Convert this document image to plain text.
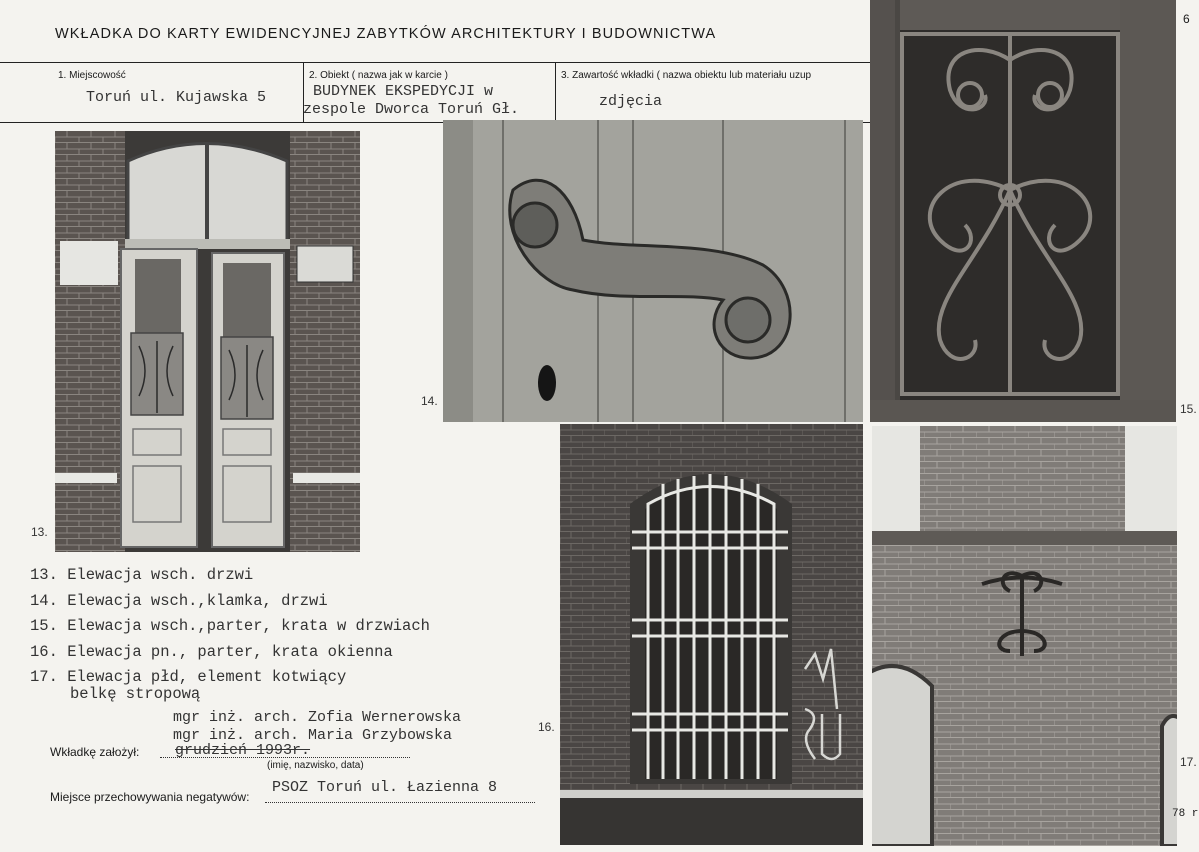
WKŁADKA DO KARTY EWIDENCYJNEJ ZABYTKÓW ARCHITEKTURY I BUDOWNICTWA
6
1. Miejscowość
Toruń ul. Kujawska 5
2. Obiekt ( nazwa jak w karcie )
BUDYNEK EKSPEDYCJI w
zespole Dworca Toruń Gł.
3. Zawartość wkładki ( nazwa obiektu lub materiału uzup
zdjęcia
13.
14.
15.
16.
17.
78 r
13. Elewacja wsch. drzwi
14. Elewacja wsch.,klamka, drzwi
15. Elewacja wsch.,parter, krata w drzwiach
16. Elewacja pn., parter, krata okienna
17. Elewacja płd, element kotwiący
belkę stropową
mgr inż. arch. Zofia Wernerowska
mgr inż. arch. Maria Grzybowska
Wkładkę założył: grudzień 1993r.
(imię, nazwisko, data)
Miejsce przechowywania negatywów:
PSOZ Toruń ul. Łazienna 8
